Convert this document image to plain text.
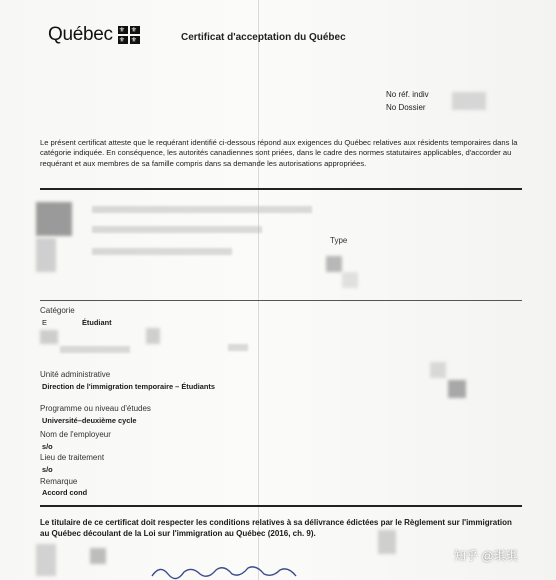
Québec
⚜
⚜ ⚜ ⚜	Certificat d'acceptation du Québec
No réf. indiv
No Dossier
Le présent certificat atteste que le requérant identifié ci-dessous répond aux exigences du Québec relatives aux résidents temporaires dans la catégorie indiquée. En conséquence, les autorités canadiennes sont priées, dans le cadre des normes statutaires applicables, d'accorder au requérant et aux membres de sa famille compris dans sa demande les autorisations appropriées.
Type
Catégorie
E	Étudiant
Unité administrative
Direction de l'immigration temporaire – Étudiants
Programme ou niveau d'études
Université–deuxième cycle
Nom de l'employeur
s/o
Lieu de traitement
s/o
Remarque
Accord cond
Le titulaire de ce certificat doit respecter les conditions relatives à sa délivrance édictées par le Règlement sur l'immigration au Québec découlant de la Loi sur l'immigration au Québec (2016, ch. 9).
知乎 @琪琪
